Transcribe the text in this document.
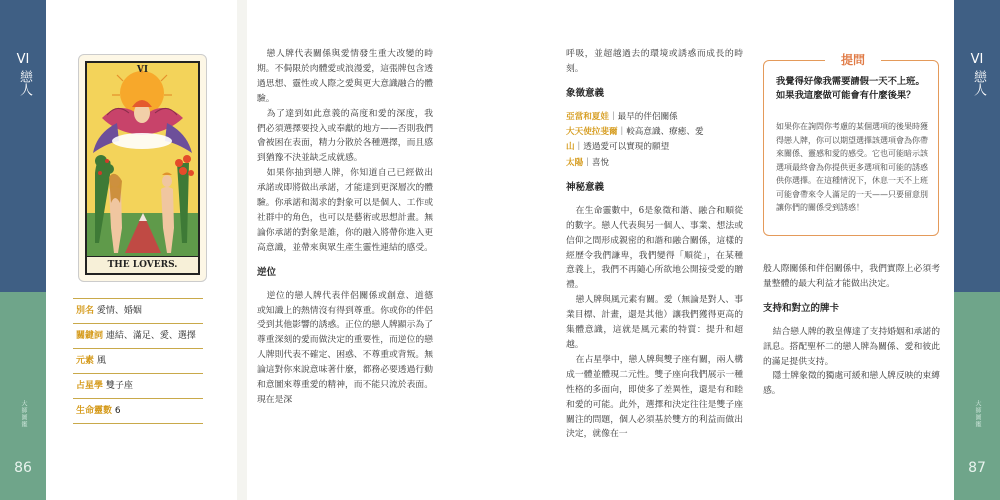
VI
戀人
大師圖鑑
86
VI
戀人
大師圖鑑
87
VI
THE LOVERS.
別名 愛情、婚姻
關鍵詞 連結、滿足、愛、選擇
元素 風
占星學 雙子座
生命靈數 6

戀人牌代表關係與愛情發生重大改變的時期。不侷限於肉體愛或浪漫愛，這張牌包含透過思想、靈性或人際之愛與更大意識融合的體驗。

為了達到如此意義的高度和愛的深度，我們必須選擇要投入或奉獻的地方——否則我們會被困在表面，精力分散於各種選擇，而且感到猶豫不決並缺乏成就感。

如果你抽到戀人牌，你知道自己已經做出承諾或即將做出承諾，才能達到更深層次的體驗。你承諾和渴求的對象可以是個人、工作或社群中的角色，也可以是藝術或思想計畫。無論你承諾的對象是誰，你的融入將帶你進入更高意識，並帶來與眾生產生靈性連結的感受。

逆位

逆位的戀人牌代表伴侶關係或創意、道德或知識上的熱情沒有得到尊重。你或你的伴侶受到其他影響的誘惑。正位的戀人牌顯示為了尊重深刻的愛而做決定的重要性，而逆位的戀人牌則代表不確定、困惑、不尊重或背叛。無論這對你來說意味著什麼，都務必要透過行動和意圖來尊重愛的精神，而不能只流於表面。現在是深

呼吸，並超越過去的環境或誘惑而成長的時刻。

象徵意義
亞當和夏娃｜最早的伴侶關係
大天使拉斐爾｜較高意識、療癒、愛
山｜透過愛可以實現的願望
太陽｜喜悅
神秘意義

在生命靈數中，6是象徵和諧、融合和順從的數字。戀人代表與另一個人、事業、想法或信仰之間形成親密的和諧和融合關係，這樣的經歷令我們謙卑，我們變得「順從」，在某種意義上，我們不再隨心所欲地公開接受愛的贈禮。

戀人牌與風元素有關。愛（無論是對人、事業目標、計畫，還是其他）讓我們獲得更高的集體意識，這就是風元素的特質：提升和超越。

在占星學中，戀人牌與雙子座有關，兩人構成一體並體現二元性。雙子座向我們展示一種性格的多面向，即使多了差異性，還是有和睦和愛的可能。此外，選擇和決定往往是雙子座關注的問題，個人必須基於雙方的利益而做出決定，就像在一

提問
我覺得好像我需要請假一天不上班。如果我這麼做可能會有什麼後果？
如果你在詢問你考慮的某個選項的後果時獲得戀人牌，你可以期望選擇該選項會為你帶來關係、靈感和愛的感受。它也可能暗示該選項最終會為你提供更多選項和可能的誘惑供你選擇。在這種情況下，休息一天不上班可能會帶來令人滿足的一天——只要留意別讓你們的關係受到誘惑！

般人際關係和伴侶關係中，我們實際上必須考量整體的最大利益才能做出決定。

支持和對立的牌卡

結合戀人牌的教皇傳達了支持婚姻和承諾的訊息。搭配聖杯二的戀人牌為關係、愛和彼此的滿足提供支持。

隱士牌象徵的獨處可緩和戀人牌反映的束縛感。
